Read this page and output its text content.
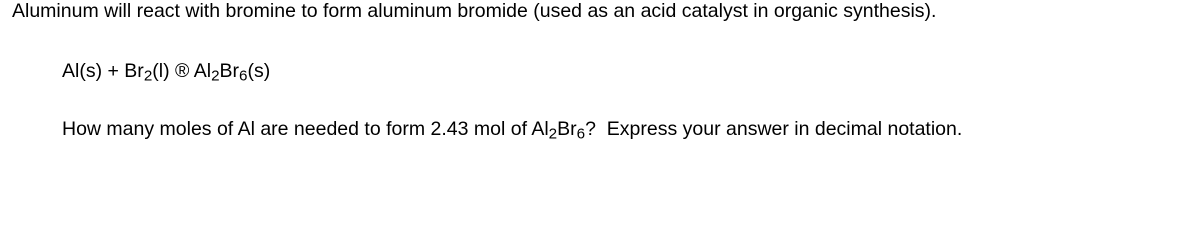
Aluminum will react with bromine to form aluminum bromide (used as an acid catalyst in organic synthesis).
$Al(s) + Br_2(l)$ ® $Al_2Br_6(s)$
How many moles of Al are needed to form 2.43 mol of $Al_2Br_6$?  Express your answer in decimal notation.
